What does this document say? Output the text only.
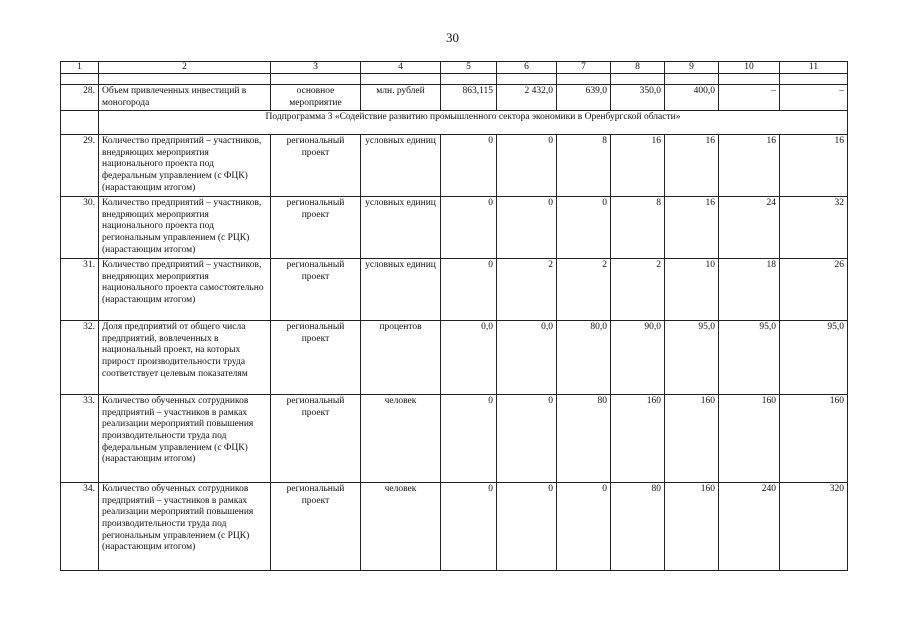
30
1	2	3	4	5	6	7	8	9	10	11

28.	Объем привлеченных инвестиций в моногорода	основное мероприятие	млн. рублей	863,115	2 432,0	639,0	350,0	400,0	–	–
	Подпрограмма 3 «Содействие развитию промышленного сектора экономики в Оренбургской области»									
29.	Количество предприятий – участников, внедряющих мероприятия национального проекта под федеральным управлением (с ФЦК) (нарастающим итогом)	региональный проект	условных единиц	0	0	8	16	16	16	16
30.	Количество предприятий – участников, внедряющих мероприятия национального проекта под региональным управлением (с РЦК) (нарастающим итогом)	региональный проект	условных единиц	0	0	0	8	16	24	32
31.	Количество предприятий – участников, внедряющих мероприятия национального проекта самостоятельно (нарастающим итогом)	региональный проект	условных единиц	0	2	2	2	10	18	26
32.	Доля предприятий от общего числа предприятий, вовлеченных в национальный проект, на которых прирост производительности труда соответствует целевым показателям	региональный проект	процентов	0,0	0,0	80,0	90,0	95,0	95,0	95,0
33.	Количество обученных сотрудников предприятий – участников в рамках реализации мероприятий повышения производительности труда под федеральным управлением (с ФЦК) (нарастающим итогом)	региональный проект	человек	0	0	80	160	160	160	160
34.	Количество обученных сотрудников предприятий – участников в рамках реализации мероприятий повышения производительности труда под региональным управлением (с РЦК) (нарастающим итогом)	региональный проект	человек	0	0	0	80	160	240	320
